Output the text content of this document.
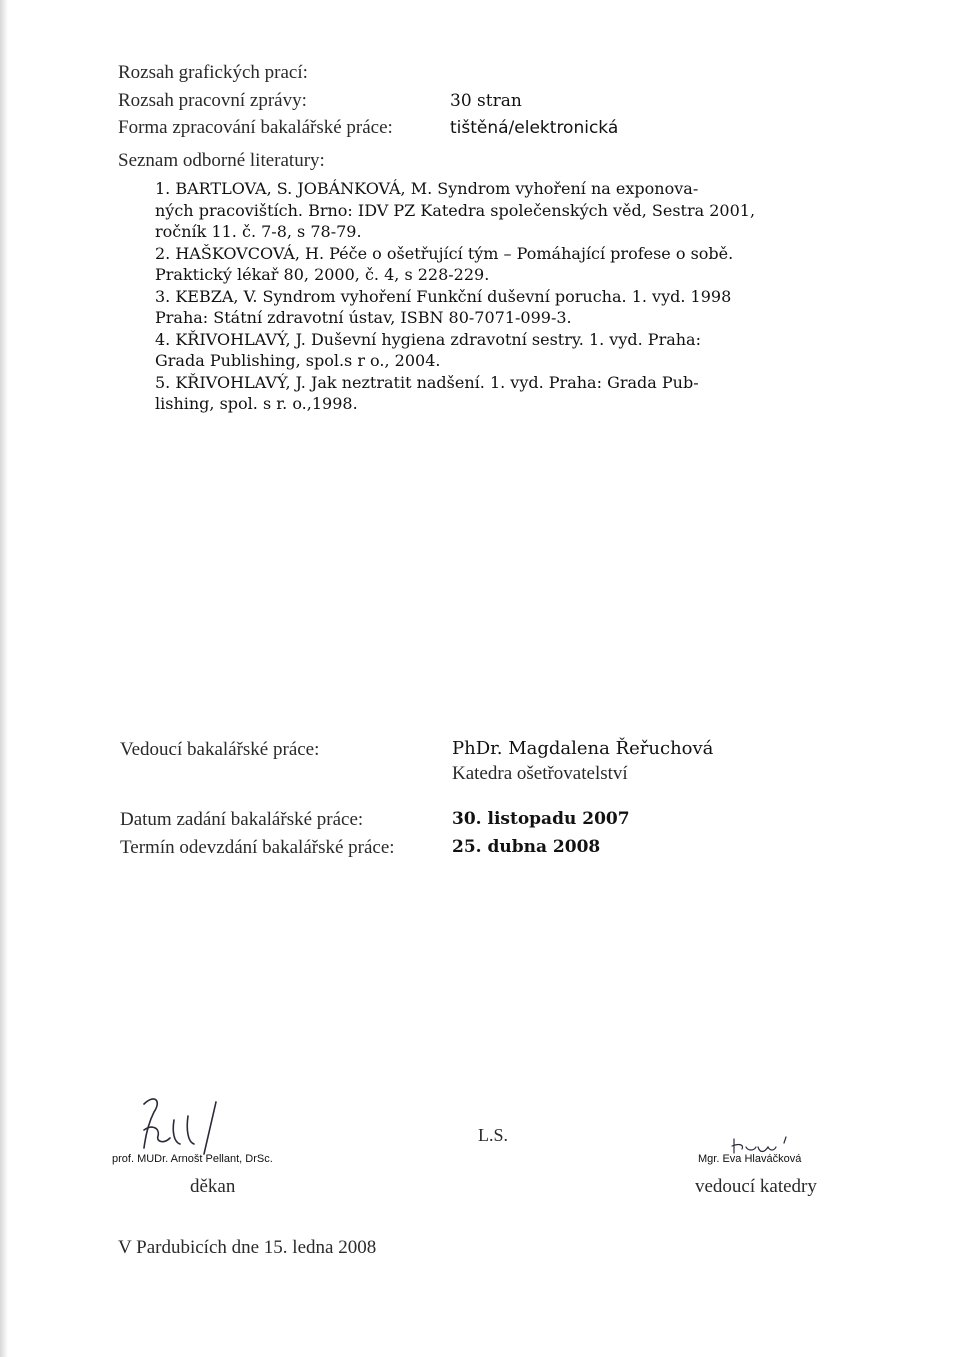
Rozsah grafických prací:
Rozsah pracovní zprávy:	30 stran
Forma zpracování bakalářské práce:	tištěná/elektronická
Seznam odborné literatury:
1. BARTLOVA, S. JOBÁNKOVÁ, M. Syndrom vyhoření na exponova-
ných pracovištích. Brno: IDV PZ Katedra společenských věd, Sestra 2001,
ročník 11. č. 7-8, s 78-79.
2. HAŠKOVCOVÁ, H. Péče o ošetřující tým – Pomáhající profese o sobě.
Praktický lékař 80, 2000, č. 4, s 228-229.
3. KEBZA, V. Syndrom vyhoření Funkční duševní porucha. 1. vyd. 1998
Praha: Státní zdravotní ústav, ISBN 80-7071-099-3.
4. KŘIVOHLAVÝ, J. Duševní hygiena zdravotní sestry. 1. vyd. Praha:
Grada Publishing, spol.s r o., 2004.
5. KŘIVOHLAVÝ, J. Jak neztratit nadšení. 1. vyd. Praha: Grada Pub-
lishing, spol. s r. o.,1998.
Vedoucí bakalářské práce:	PhDr. Magdalena Řeřuchová
Katedra ošetřovatelství
Datum zadání bakalářské práce:	30. listopadu 2007
Termín odevzdání bakalářské práce:	25. dubna 2008
prof. MUDr. Arnošt Pellant, DrSc.
děkan
L.S.
Mgr. Eva Hlaváčková
vedoucí katedry
V Pardubicích dne 15. ledna 2008
